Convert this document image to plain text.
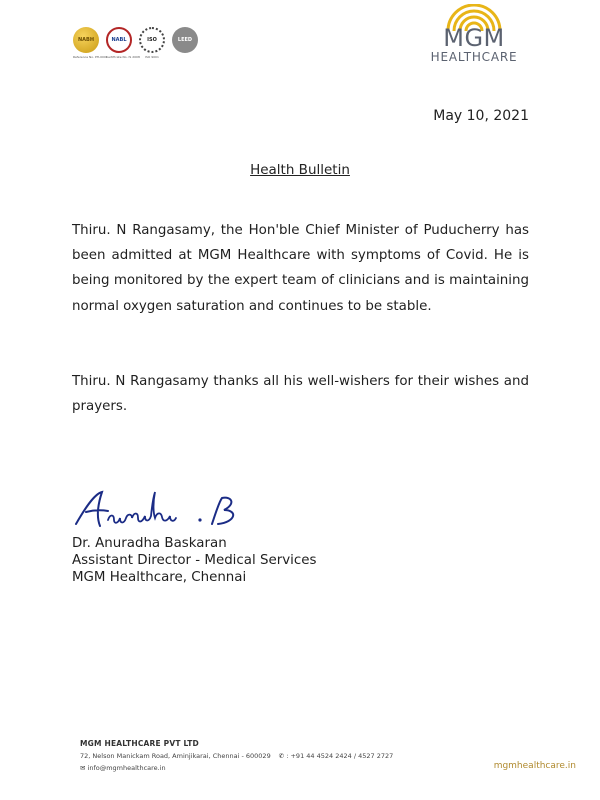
NABH
Reference No. PH-0001
NABL
Certificate No. IS 2008
ISO
ISO 9001
LEED	MGM
HEALTHCARE
May 10, 2021
Health Bulletin
Thiru. N Rangasamy, the Hon'ble Chief Minister of Puducherry has been admitted at MGM Healthcare with symptoms of Covid. He is being monitored by the expert team of clinicians and is maintaining normal oxygen saturation and continues to be stable.
Thiru. N Rangasamy thanks all his well-wishers for their wishes and prayers.
Dr. Anuradha Baskaran
Assistant Director - Medical Services
MGM Healthcare, Chennai
MGM HEALTHCARE PVT LTD
72, Nelson Manickam Road, Aminjikarai, Chennai - 600029 ✆ : +91 44 4524 2424 / 4527 2727
✉ info@mgmhealthcare.in	mgmhealthcare.in
